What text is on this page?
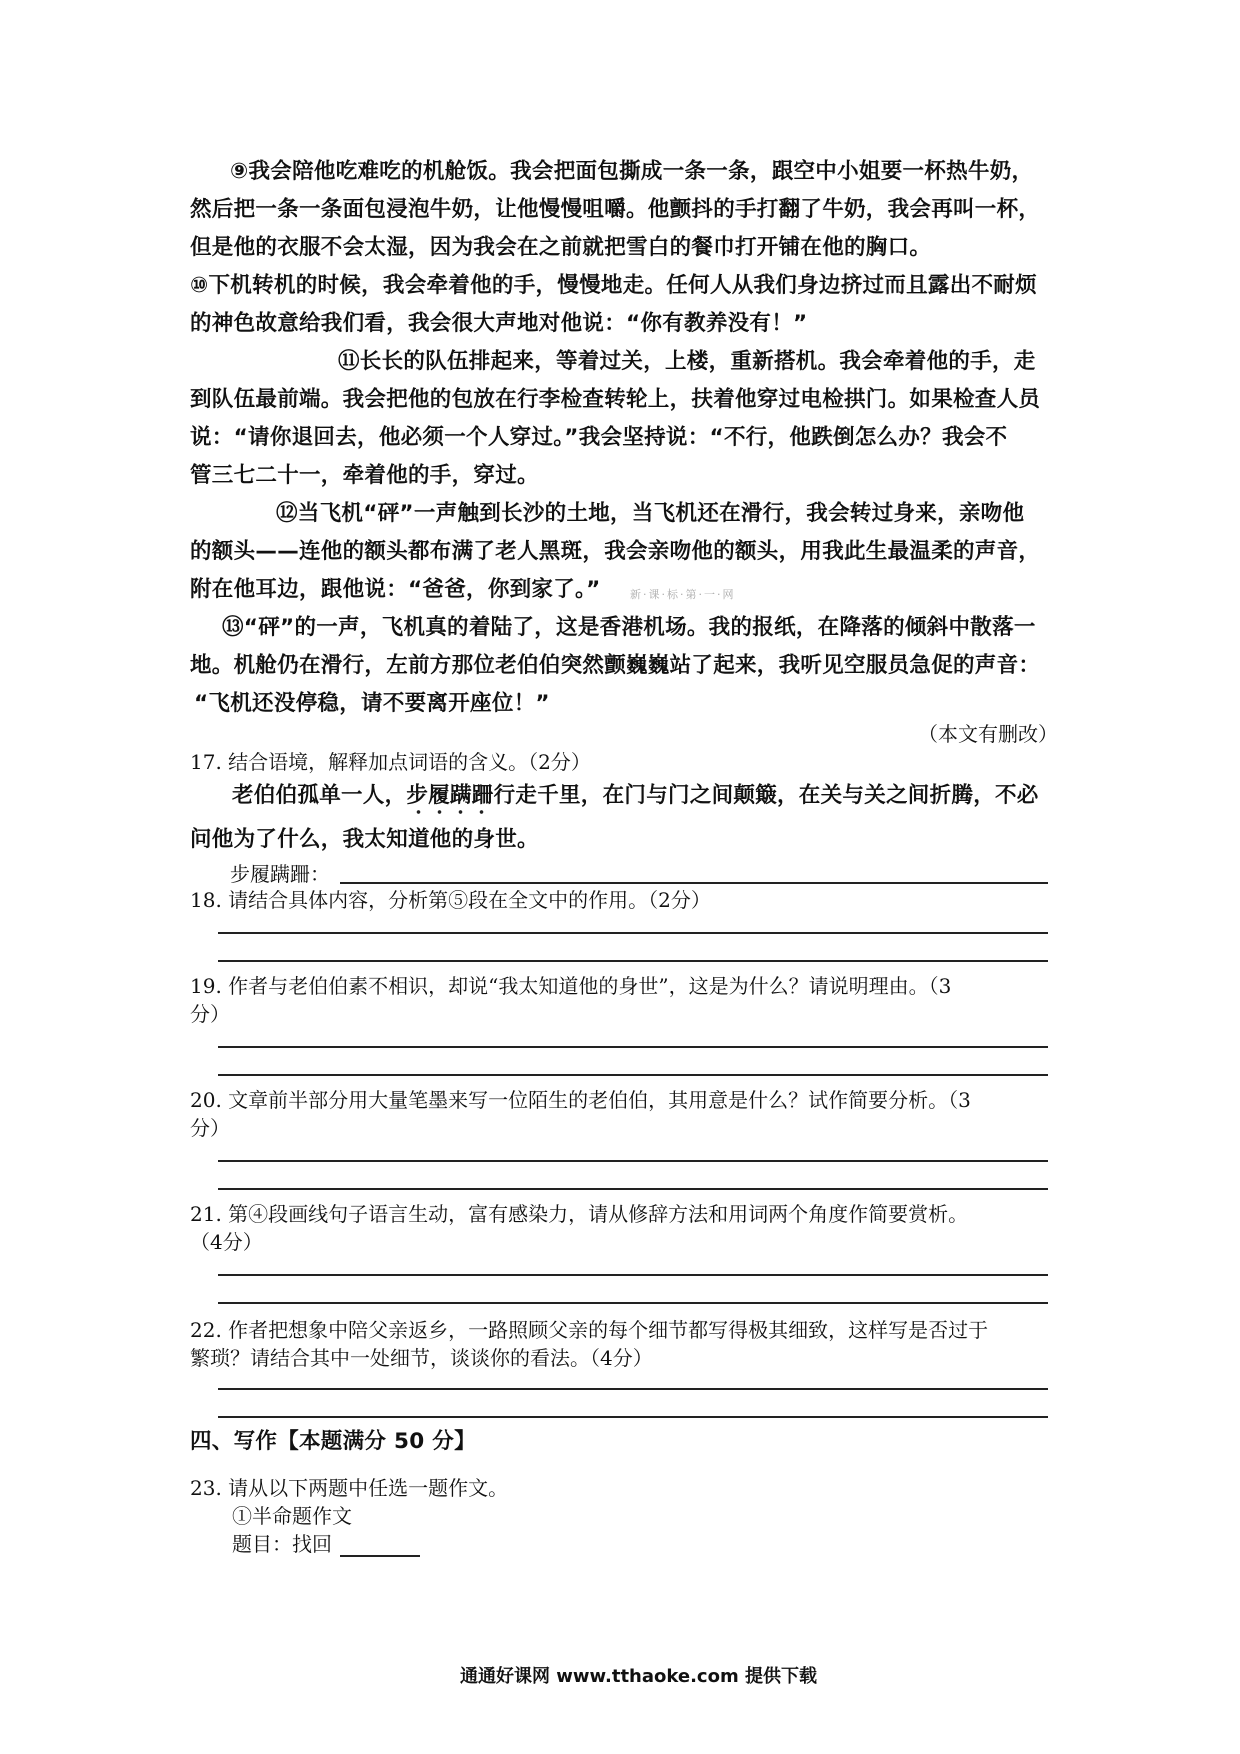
⑨我会陪他吃难吃的机舱饭。我会把面包撕成一条一条，跟空中小姐要一杯热牛奶，
然后把一条一条面包浸泡牛奶，让他慢慢咀嚼。他颤抖的手打翻了牛奶，我会再叫一杯，
但是他的衣服不会太湿，因为我会在之前就把雪白的餐巾打开铺在他的胸口。
⑩下机转机的时候，我会牵着他的手，慢慢地走。任何人从我们身边挤过而且露出不耐烦
的神色故意给我们看，我会很大声地对他说：“你有教养没有！”
⑪长长的队伍排起来，等着过关，上楼，重新搭机。我会牵着他的手，走
到队伍最前端。我会把他的包放在行李检查转轮上，扶着他穿过电检拱门。如果检查人员
说：“请你退回去，他必须一个人穿过。”我会坚持说：“不行，他跌倒怎么办？我会不
管三七二十一，牵着他的手，穿过。
⑫当飞机“砰”一声触到长沙的土地，当飞机还在滑行，我会转过身来，亲吻他
的额头——连他的额头都布满了老人黑斑，我会亲吻他的额头，用我此生最温柔的声音，
附在他耳边，跟他说：“爸爸，你到家了。”	新·课·标·第·一·网
⑬“砰”的一声，飞机真的着陆了，这是香港机场。我的报纸，在降落的倾斜中散落一
地。机舱仍在滑行，左前方那位老伯伯突然颤巍巍站了起来，我听见空服员急促的声音：
“飞机还没停稳，请不要离开座位！”
（本文有删改）
17. 结合语境，解释加点词语的含义。（2分）
老伯伯孤单一人，步履蹒跚行走千里，在门与门之间颠簸，在关与关之间折腾，不必
问他为了什么，我太知道他的身世。
步履蹒跚：
18. 请结合具体内容，分析第⑤段在全文中的作用。（2分）
19. 作者与老伯伯素不相识，却说“我太知道他的身世”，这是为什么？请说明理由。（3
分）
20. 文章前半部分用大量笔墨来写一位陌生的老伯伯，其用意是什么？试作简要分析。（3
分）
21. 第④段画线句子语言生动，富有感染力，请从修辞方法和用词两个角度作简要赏析。
（4分）
22. 作者把想象中陪父亲返乡，一路照顾父亲的每个细节都写得极其细致，这样写是否过于
繁琐？请结合其中一处细节，谈谈你的看法。（4分）
四、写作【本题满分 50 分】
23. 请从以下两题中任选一题作文。
①半命题作文
题目：找回
通通好课网 www.tthaoke.com 提供下载
